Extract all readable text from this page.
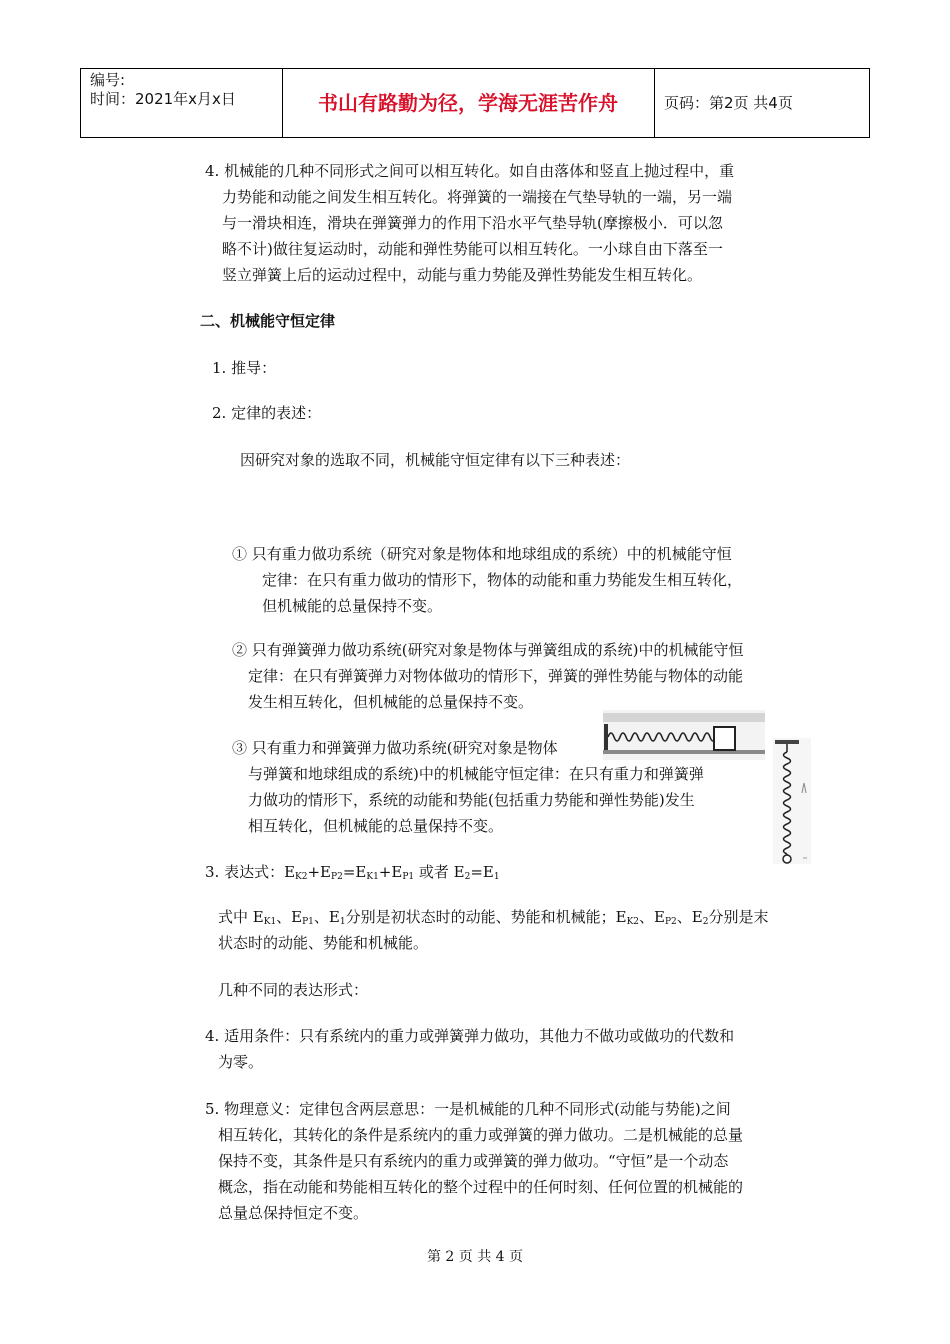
编号:
时间：2021年x月x日	书山有路勤为径，学海无涯苦作舟	页码：第2页 共4页
4. 机械能的几种不同形式之间可以相互转化。如自由落体和竖直上抛过程中，重
力势能和动能之间发生相互转化。将弹簧的一端接在气垫导轨的一端，另一端
与一滑块相连，滑块在弹簧弹力的作用下沿水平气垫导轨(摩擦极小．可以忽
略不计)做往复运动时，动能和弹性势能可以相互转化。一小球自由下落至一
竖立弹簧上后的运动过程中，动能与重力势能及弹性势能发生相互转化。
二、机械能守恒定律
1. 推导：
2. 定律的表述：
因研究对象的选取不同，机械能守恒定律有以下三种表述：
① 只有重力做功系统（研究对象是物体和地球组成的系统）中的机械能守恒
定律：在只有重力做功的情形下，物体的动能和重力势能发生相互转化，
但机械能的总量保持不变。
② 只有弹簧弹力做功系统(研究对象是物体与弹簧组成的系统)中的机械能守恒
定律：在只有弹簧弹力对物体做功的情形下，弹簧的弹性势能与物体的动能
发生相互转化，但机械能的总量保持不变。
③ 只有重力和弹簧弹力做功系统(研究对象是物体
与弹簧和地球组成的系统)中的机械能守恒定律：在只有重力和弹簧弹
力做功的情形下，系统的动能和势能(包括重力势能和弹性势能)发生
相互转化，但机械能的总量保持不变。
3. 表达式：$E_{K2}+E_{P2}=E_{K1}+E_{P1}$ 或者 $E_2=E_1$
式中 $E_{K1}$、$E_{P1}$、$E_1$分别是初状态时的动能、势能和机械能；$E_{K2}$、$E_{P2}$、$E_2$分别是末
状态时的动能、势能和机械能。
几种不同的表达形式：
4. 适用条件：只有系统内的重力或弹簧弹力做功，其他力不做功或做功的代数和
为零。
5. 物理意义：定律包含两层意思：一是机械能的几种不同形式(动能与势能)之间
相互转化，其转化的条件是系统内的重力或弹簧的弹力做功。二是机械能的总量
保持不变，其条件是只有系统内的重力或弹簧的弹力做功。“守恒”是一个动态
概念，指在动能和势能相互转化的整个过程中的任何时刻、任何位置的机械能的
总量总保持恒定不变。
第 2 页 共 4 页
